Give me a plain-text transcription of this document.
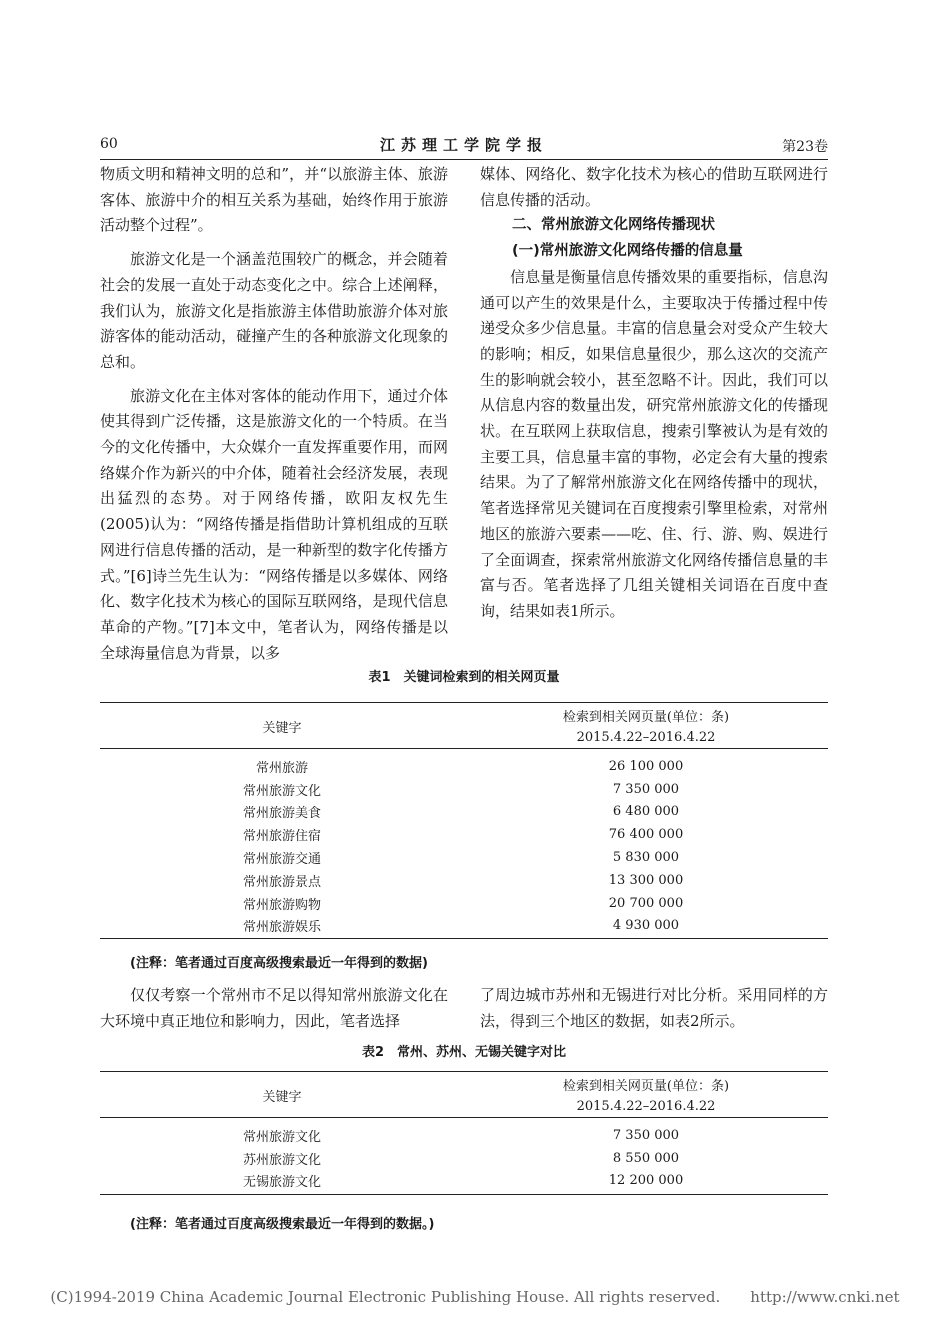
60	江苏理工学院学报	第23卷

物质文明和精神文明的总和”，并“以旅游主体、旅游客体、旅游中介的相互关系为基础，始终作用于旅游活动整个过程”。

旅游文化是一个涵盖范围较广的概念，并会随着社会的发展一直处于动态变化之中。综合上述阐释，我们认为，旅游文化是指旅游主体借助旅游介体对旅游客体的能动活动，碰撞产生的各种旅游文化现象的总和。

旅游文化在主体对客体的能动作用下，通过介体使其得到广泛传播，这是旅游文化的一个特质。在当今的文化传播中，大众媒介一直发挥重要作用，而网络媒介作为新兴的中介体，随着社会经济发展，表现出猛烈的态势。对于网络传播，欧阳友权先生(2005)认为：“网络传播是指借助计算机组成的互联网进行信息传播的活动，是一种新型的数字化传播方式。”[6]诗兰先生认为：“网络传播是以多媒体、网络化、数字化技术为核心的国际互联网络，是现代信息革命的产物。”[7]本文中，笔者认为，网络传播是以全球海量信息为背景，以多

媒体、网络化、数字化技术为核心的借助互联网进行信息传播的活动。

二、常州旅游文化网络传播现状

(一)常州旅游文化网络传播的信息量

信息量是衡量信息传播效果的重要指标，信息沟通可以产生的效果是什么，主要取决于传播过程中传递受众多少信息量。丰富的信息量会对受众产生较大的影响；相反，如果信息量很少，那么这次的交流产生的影响就会较小，甚至忽略不计。因此，我们可以从信息内容的数量出发，研究常州旅游文化的传播现状。在互联网上获取信息，搜索引擎被认为是有效的主要工具，信息量丰富的事物，必定会有大量的搜索结果。为了了解常州旅游文化在网络传播中的现状，笔者选择常见关键词在百度搜索引擎里检索，对常州地区的旅游六要素——吃、住、行、游、购、娱进行了全面调查，探索常州旅游文化网络传播信息量的丰富与否。笔者选择了几组关键相关词语在百度中查询，结果如表1所示。

表1　关键词检索到的相关网页量
关键字	检索到相关网页量(单位：条)
	2015.4.22–2016.4.22

常州旅游	26 100 000
常州旅游文化	7 350 000
常州旅游美食	6 480 000
常州旅游住宿	76 400 000
常州旅游交通	5 830 000
常州旅游景点	13 300 000
常州旅游购物	20 700 000
常州旅游娱乐	4 930 000
(注释：笔者通过百度高级搜索最近一年得到的数据)

仅仅考察一个常州市不足以得知常州旅游文化在大环境中真正地位和影响力，因此，笔者选择

了周边城市苏州和无锡进行对比分析。采用同样的方法，得到三个地区的数据，如表2所示。

表2　常州、苏州、无锡关键字对比
关键字	检索到相关网页量(单位：条)
	2015.4.22–2016.4.22

常州旅游文化	7 350 000
苏州旅游文化	8 550 000
无锡旅游文化	12 200 000
(注释：笔者通过百度高级搜索最近一年得到的数据。)
(C)1994-2019 China Academic Journal Electronic Publishing House. All rights reserved.　　http://www.cnki.net
